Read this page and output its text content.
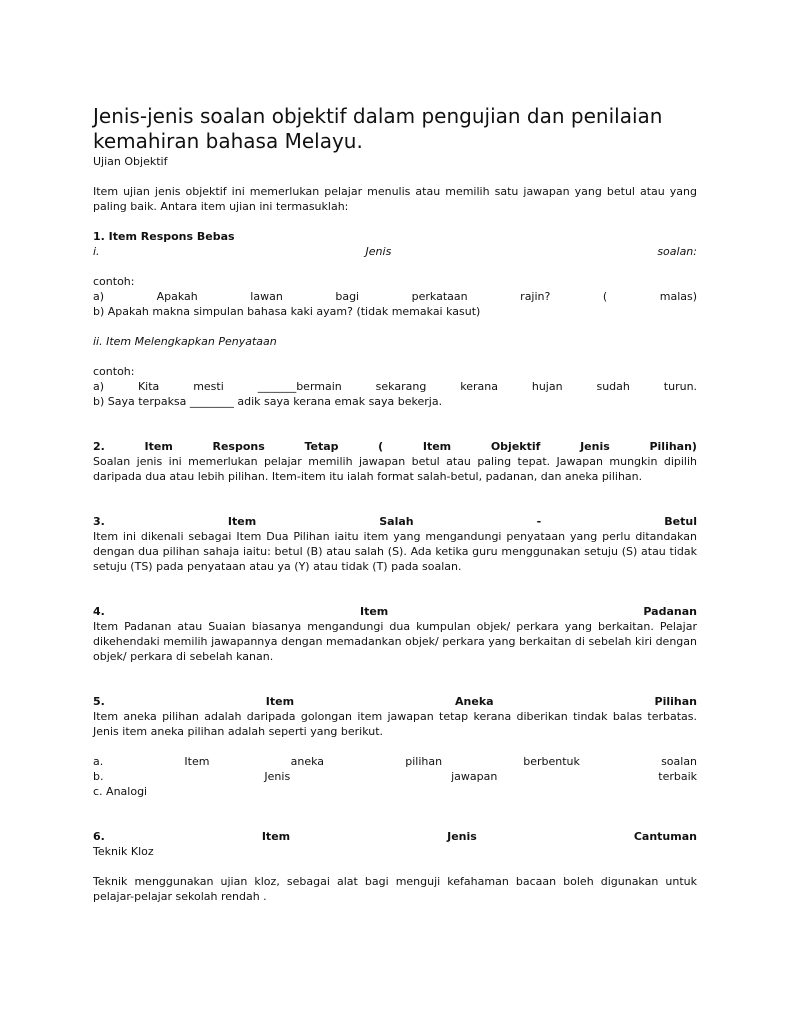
Jenis-jenis soalan objektif dalam pengujian dan penilaian
kemahiran bahasa Melayu.
Ujian Objektif
Item ujian jenis objektif ini memerlukan pelajar menulis atau memilih satu jawapan yang betul atau yang paling baik. Antara item ujian ini termasuklah:
1. Item Respons Bebas
i.	Jenis	soalan:
contoh:
a)	Apakah	lawan	bagi	perkataan	rajin?	(	malas)
b) Apakah makna simpulan bahasa kaki ayam? (tidak memakai kasut)
ii. Item Melengkapkan Penyataan
contoh:
a)	Kita	mesti	_______bermain	sekarang	kerana	hujan	sudah	turun.
b) Saya terpaksa ________ adik saya kerana emak saya bekerja.
2.	Item	Respons	Tetap	(	Item	Objektif	Jenis	Pilihan)
Soalan jenis ini memerlukan pelajar memilih jawapan betul atau paling tepat. Jawapan mungkin dipilih daripada dua atau lebih pilihan. Item-item itu ialah format salah-betul, padanan, dan aneka pilihan.
3.	Item	Salah	-	Betul
Item ini dikenali sebagai Item Dua Pilihan iaitu item yang mengandungi penyataan yang perlu ditandakan dengan dua pilihan sahaja iaitu: betul (B) atau salah (S). Ada ketika guru menggunakan setuju (S) atau tidak setuju (TS) pada penyataan atau ya (Y) atau tidak (T) pada soalan.
4.	Item	Padanan
Item Padanan atau Suaian biasanya mengandungi dua kumpulan objek/ perkara yang berkaitan. Pelajar dikehendaki memilih jawapannya dengan memadankan objek/ perkara yang berkaitan di sebelah kiri dengan objek/ perkara di sebelah kanan.
5.	Item	Aneka	Pilihan
Item aneka pilihan adalah daripada golongan item jawapan tetap kerana diberikan tindak balas terbatas. Jenis item aneka pilihan adalah seperti yang berikut.
a.	Item	aneka	pilihan	berbentuk	soalan
b.	Jenis	jawapan	terbaik
c. Analogi
6.	Item	Jenis	Cantuman
Teknik Kloz
Teknik menggunakan ujian kloz, sebagai alat bagi menguji kefahaman bacaan boleh digunakan untuk pelajar-pelajar sekolah rendah .
